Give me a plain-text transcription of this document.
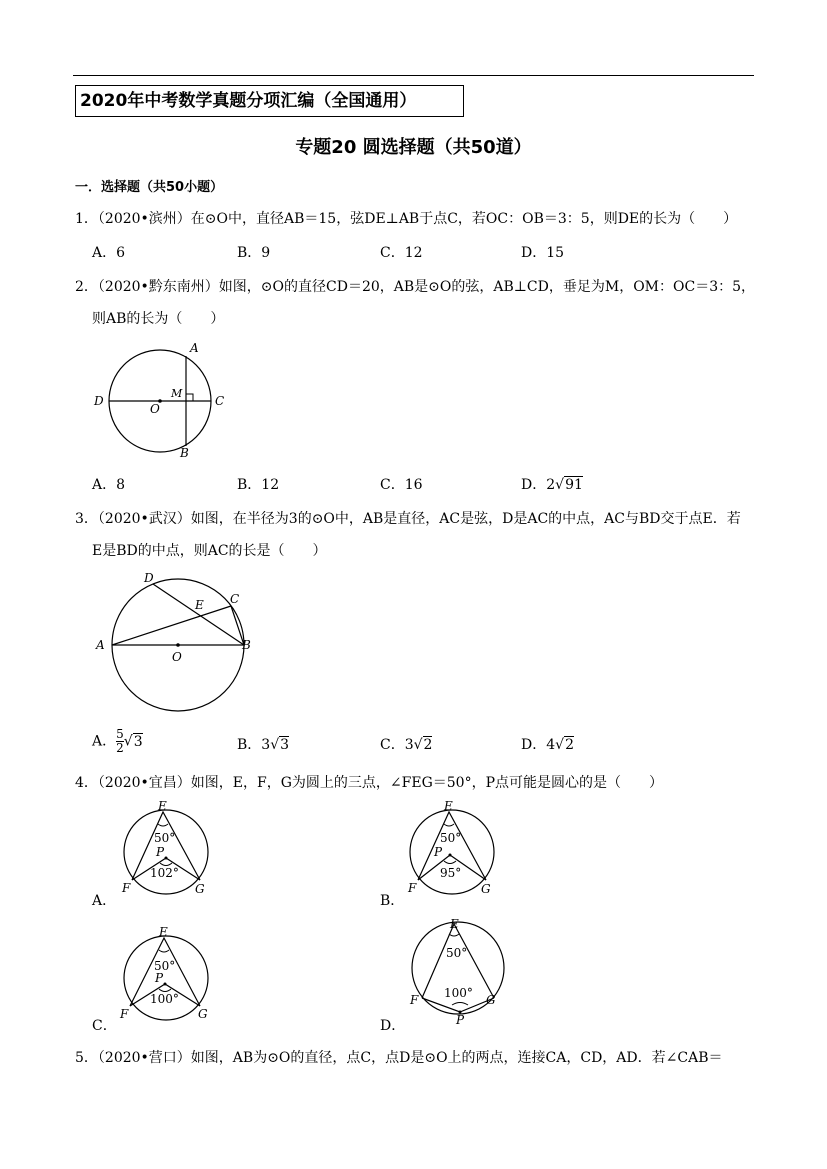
2020年中考数学真题分项汇编（全国通用）
专题20 圆选择题（共50道）
一．选择题（共50小题）
1．（2020•滨州）在⊙O中，直径AB＝15，弦DE⊥AB于点C，若OC：OB＝3：5，则DE的长为（　　）
A．6	B．9	C．12	D．15
2．（2020•黔东南州）如图，⊙O的直径CD＝20，AB是⊙O的弦，AB⊥CD，垂足为M，OM：OC＝3：5，
则AB的长为（　　）
A
B
C
D
O
M
A．8	B．12	C．16	D．2√91
3．（2020•武汉）如图，在半径为3的⊙O中，AB是直径，AC是弦，D是AC的中点，AC与BD交于点E．若
E是BD的中点，则AC的长是（　　）
A	B
C
D
E
O
A． $\frac{5}{2} √3$	B．3√3	C．3√2	D．4√2
4．（2020•宜昌）如图，E，F，G为圆上的三点，∠FEG＝50°，P点可能是圆心的是（　　）
E
F	G
P
50°
102°
A．
E
F	G
P
50°
95°
B．
E
F	G
P
50°
100°
C．
E
F	G
P
50°
100°
D．
5．（2020•营口）如图，AB为⊙O的直径，点C，点D是⊙O上的两点，连接CA，CD，AD．若∠CAB＝
